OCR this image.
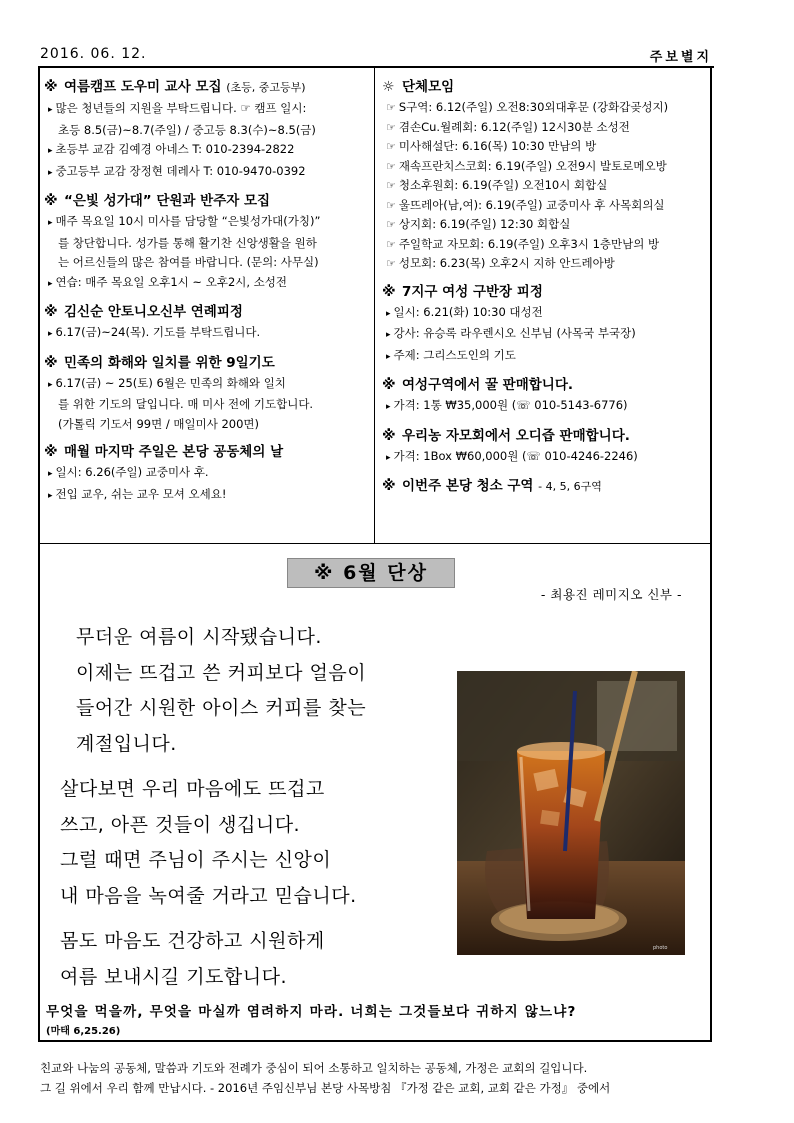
2016. 06. 12.	주보별지
※ 여름캠프 도우미 교사 모집 (초등, 중고등부)
▸ 많은 청년들의 지원을 부탁드립니다. ☞ 캠프 일시:
초등 8.5(금)~8.7(주일) / 중고등 8.3(수)~8.5(금)
▸ 초등부 교감 김예경 아네스 T: 010-2394-2822
▸ 중고등부 교감 장정현 데레사 T: 010-9470-0392
※ “은빛 성가대” 단원과 반주자 모집
▸ 매주 목요일 10시 미사를 담당할 “은빛성가대(가칭)”
를 창단합니다. 성가를 통해 활기찬 신앙생활을 원하
는 어르신들의 많은 참여를 바랍니다. (문의: 사무실)
▸ 연습: 매주 목요일 오후1시 ~ 오후2시, 소성전
※ 김신순 안토니오신부 연례피정
▸ 6.17(금)~24(목). 기도를 부탁드립니다.
※ 민족의 화해와 일치를 위한 9일기도
▸ 6.17(금) ~ 25(토) 6월은 민족의 화해와 일치
를 위한 기도의 달입니다. 매 미사 전에 기도합니다.
(가톨릭 기도서 99면 / 매일미사 200면)
※ 매월 마지막 주일은 본당 공동체의 날
▸ 일시: 6.26(주일) 교중미사 후.
▸ 전입 교우, 쉬는 교우 모셔 오세요!
☼ 단체모임
☞ S구역: 6.12(주일) 오전8:30외대후문 (강화갑곶성지)
☞ 겸손Cu.월례회: 6.12(주일) 12시30분 소성전
☞ 미사해설단: 6.16(목) 10:30 만남의 방
☞ 재속프란치스코회: 6.19(주일) 오전9시 발토로메오방
☞ 청소후원회: 6.19(주일) 오전10시 회합실
☞ 울뜨레아(남,여): 6.19(주일) 교중미사 후 사목회의실
☞ 상지회: 6.19(주일) 12:30 회합실
☞ 주일학교 자모회: 6.19(주일) 오후3시 1층만남의 방
☞ 성모회: 6.23(목) 오후2시 지하 안드레아방
※ 7지구 여성 구반장 피정
▸ 일시: 6.21(화) 10:30 대성전
▸ 강사: 유승록 라우렌시오 신부님 (사목국 부국장)
▸ 주제: 그리스도인의 기도
※ 여성구역에서 꿀 판매합니다.
▸ 가격: 1통 ₩35,000원 (☏ 010-5143-6776)
※ 우리농 자모회에서 오디즙 판매합니다.
▸ 가격: 1Box ₩60,000원 (☏ 010-4246-2246)
※ 이번주 본당 청소 구역 - 4, 5, 6구역
※ 6월 단상
- 최용진 레미지오 신부 -
무더운 여름이 시작됐습니다.
이제는 뜨겁고 쓴 커피보다 얼음이
들어간 시원한 아이스 커피를 찾는
계절입니다.
살다보면 우리 마음에도 뜨겁고
쓰고, 아픈 것들이 생깁니다.
그럴 때면 주님이 주시는 신앙이
내 마음을 녹여줄 거라고 믿습니다.
몸도 마음도 건강하고 시원하게
여름 보내시길 기도합니다.
photo
무엇을 먹을까, 무엇을 마실까 염려하지 마라. 너희는 그것들보다 귀하지 않느냐?
(마태 6,25.26)
친교와 나눔의 공동체, 말씀과 기도와 전례가 중심이 되어 소통하고 일치하는 공동체, 가정은 교회의 길입니다.
그 길 위에서 우리 함께 만납시다. - 2016년 주임신부님 본당 사목방침 『가정 같은 교회, 교회 같은 가정』 중에서
